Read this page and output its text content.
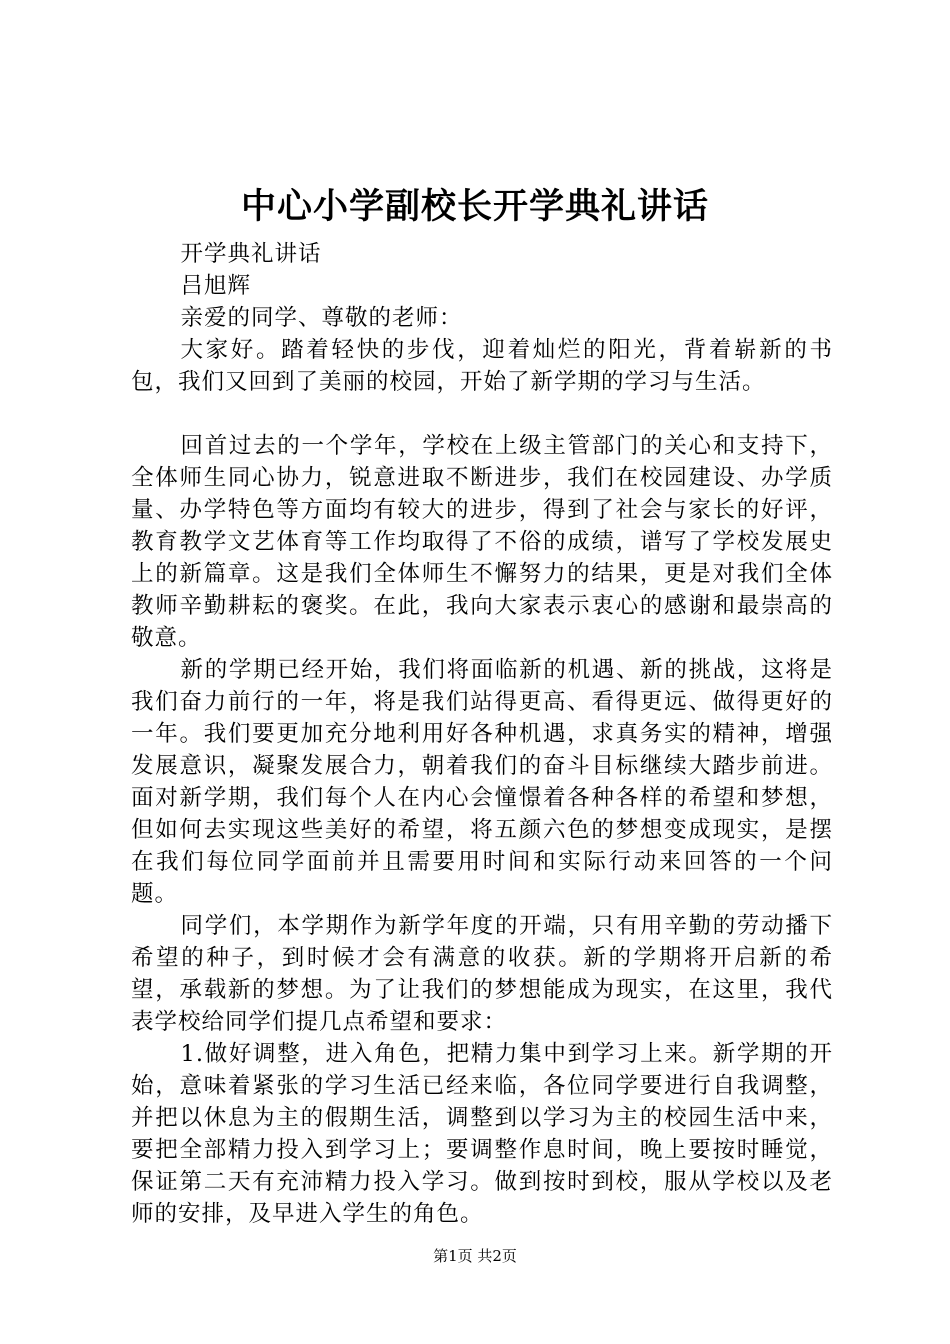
中心小学副校长开学典礼讲话

开学典礼讲话

吕旭辉

亲爱的同学、尊敬的老师：

大家好。踏着轻快的步伐，迎着灿烂的阳光，背着崭新的书包，我们又回到了美丽的校园，开始了新学期的学习与生活。

回首过去的一个学年，学校在上级主管部门的关心和支持下，全体师生同心协力，锐意进取不断进步，我们在校园建设、办学质量、办学特色等方面均有较大的进步，得到了社会与家长的好评，教育教学文艺体育等工作均取得了不俗的成绩，谱写了学校发展史上的新篇章。这是我们全体师生不懈努力的结果，更是对我们全体教师辛勤耕耘的褒奖。在此，我向大家表示衷心的感谢和最崇高的敬意。

新的学期已经开始，我们将面临新的机遇、新的挑战，这将是我们奋力前行的一年，将是我们站得更高、看得更远、做得更好的一年。我们要更加充分地利用好各种机遇，求真务实的精神，增强发展意识，凝聚发展合力，朝着我们的奋斗目标继续大踏步前进。面对新学期，我们每个人在内心会憧憬着各种各样的希望和梦想，但如何去实现这些美好的希望，将五颜六色的梦想变成现实，是摆在我们每位同学面前并且需要用时间和实际行动来回答的一个问题。

同学们，本学期作为新学年度的开端，只有用辛勤的劳动播下希望的种子，到时候才会有满意的收获。新的学期将开启新的希望，承载新的梦想。为了让我们的梦想能成为现实，在这里，我代表学校给同学们提几点希望和要求：

1.做好调整，进入角色，把精力集中到学习上来。新学期的开始，意味着紧张的学习生活已经来临，各位同学要进行自我调整，并把以休息为主的假期生活，调整到以学习为主的校园生活中来，要把全部精力投入到学习上；要调整作息时间，晚上要按时睡觉，保证第二天有充沛精力投入学习。做到按时到校，服从学校以及老师的安排，及早进入学生的角色。

第1页 共2页
